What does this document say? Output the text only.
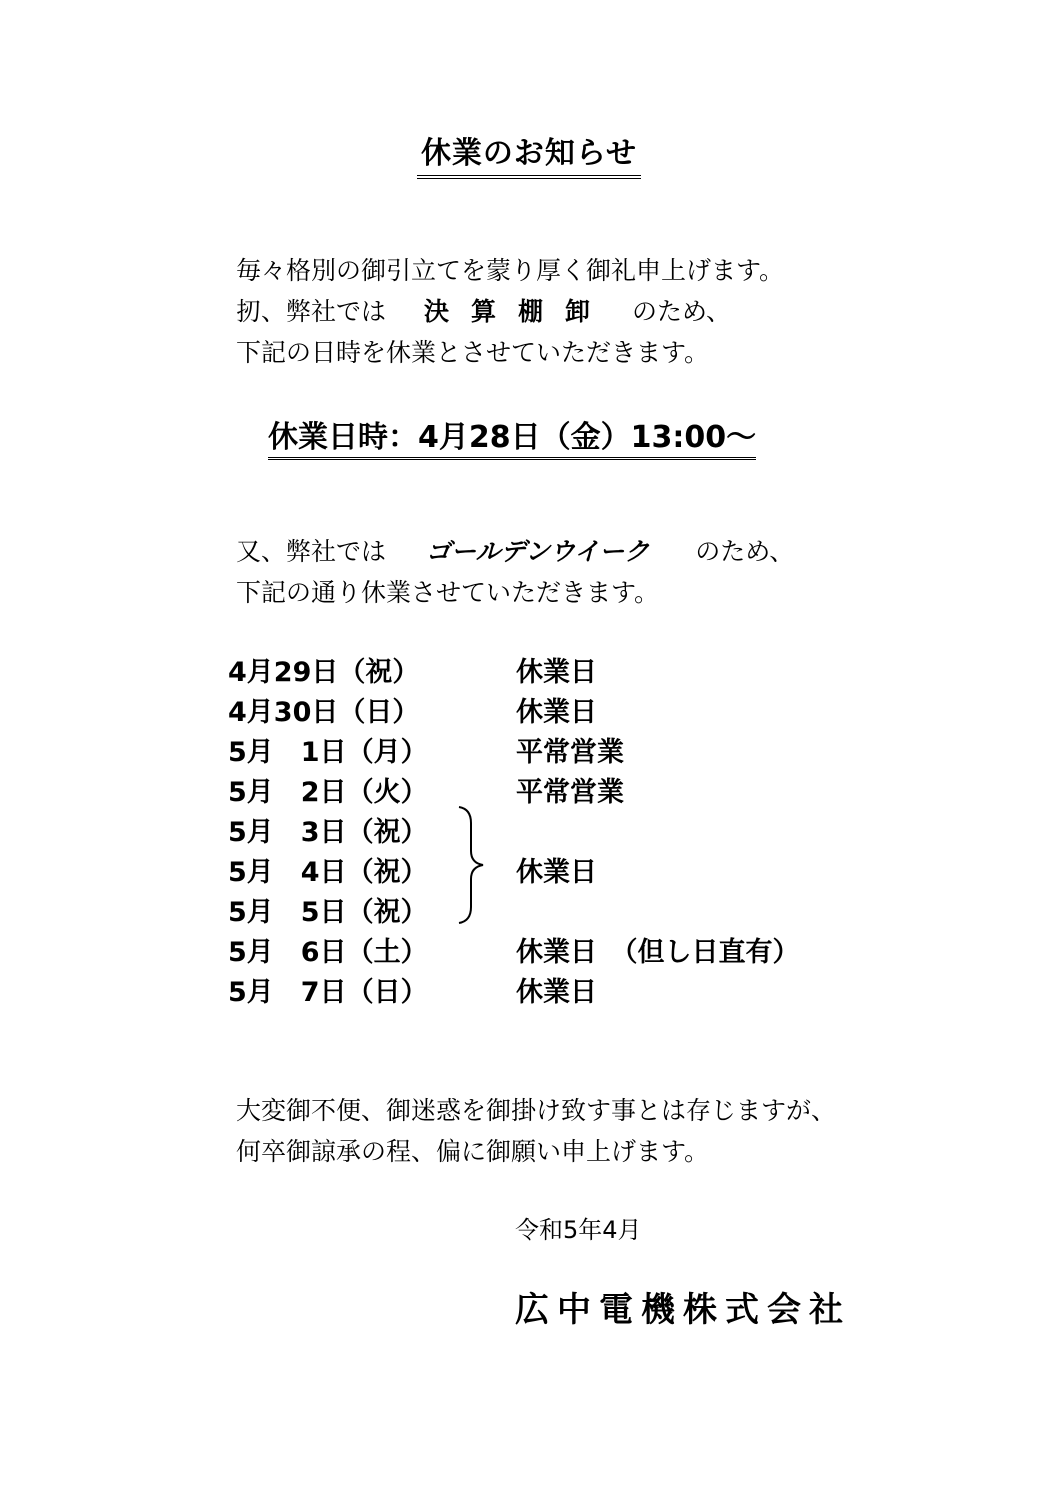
休業のお知らせ
毎々格別の御引立てを蒙り厚く御礼申上げます。
扨、弊社では 決算棚卸 のため、
下記の日時を休業とさせていただきます。
休業日時：4月28日（金）13:00～
又、弊社では ゴールデンウイーク のため、
下記の通り休業させていただきます。
4月29日（祝）	休業日
4月30日（日）	休業日
5月　1日（月）	平常営業
5月　2日（火）	平常営業
5月　3日（祝）
5月　4日（祝）	休業日
5月　5日（祝）
5月　6日（土）	休業日　（但し日直有）
5月　7日（日）	休業日
大変御不便、御迷惑を御掛け致す事とは存じますが、
何卒御諒承の程、偏に御願い申上げます。
令和5年4月
広中電機株式会社
